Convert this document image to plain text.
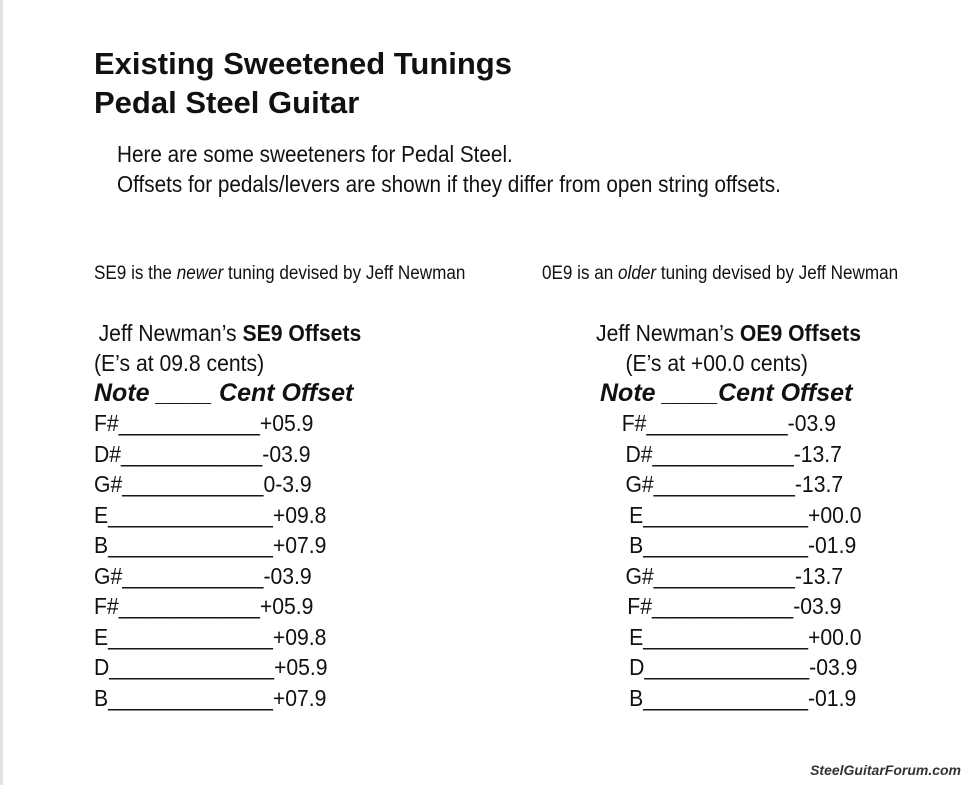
Existing Sweetened Tunings
Pedal Steel Guitar
Here are some sweeteners for Pedal Steel.
Offsets for pedals/levers are shown if they differ from open string offsets.
SE9 is the newer tuning devised by Jeff Newman	0E9 is an older tuning devised by Jeff Newman
Jeff Newman’s SE9 Offsets
(E’s at 09.8 cents)
Note ____ Cent Offset
F#____________+05.9
D#____________-03.9
G#____________0-3.9
E______________+09.8
B______________+07.9
G#____________-03.9
F#____________+05.9
E______________+09.8
D______________+05.9
B______________+07.9
Jeff Newman’s OE9 Offsets
(E’s at +00.0 cents)
Note ____Cent Offset
F#____________-03.9
D#____________-13.7
G#____________-13.7
E______________+00.0
B______________-01.9
G#____________-13.7
F#____________-03.9
E______________+00.0
D______________-03.9
B______________-01.9
SteelGuitarForum.com
